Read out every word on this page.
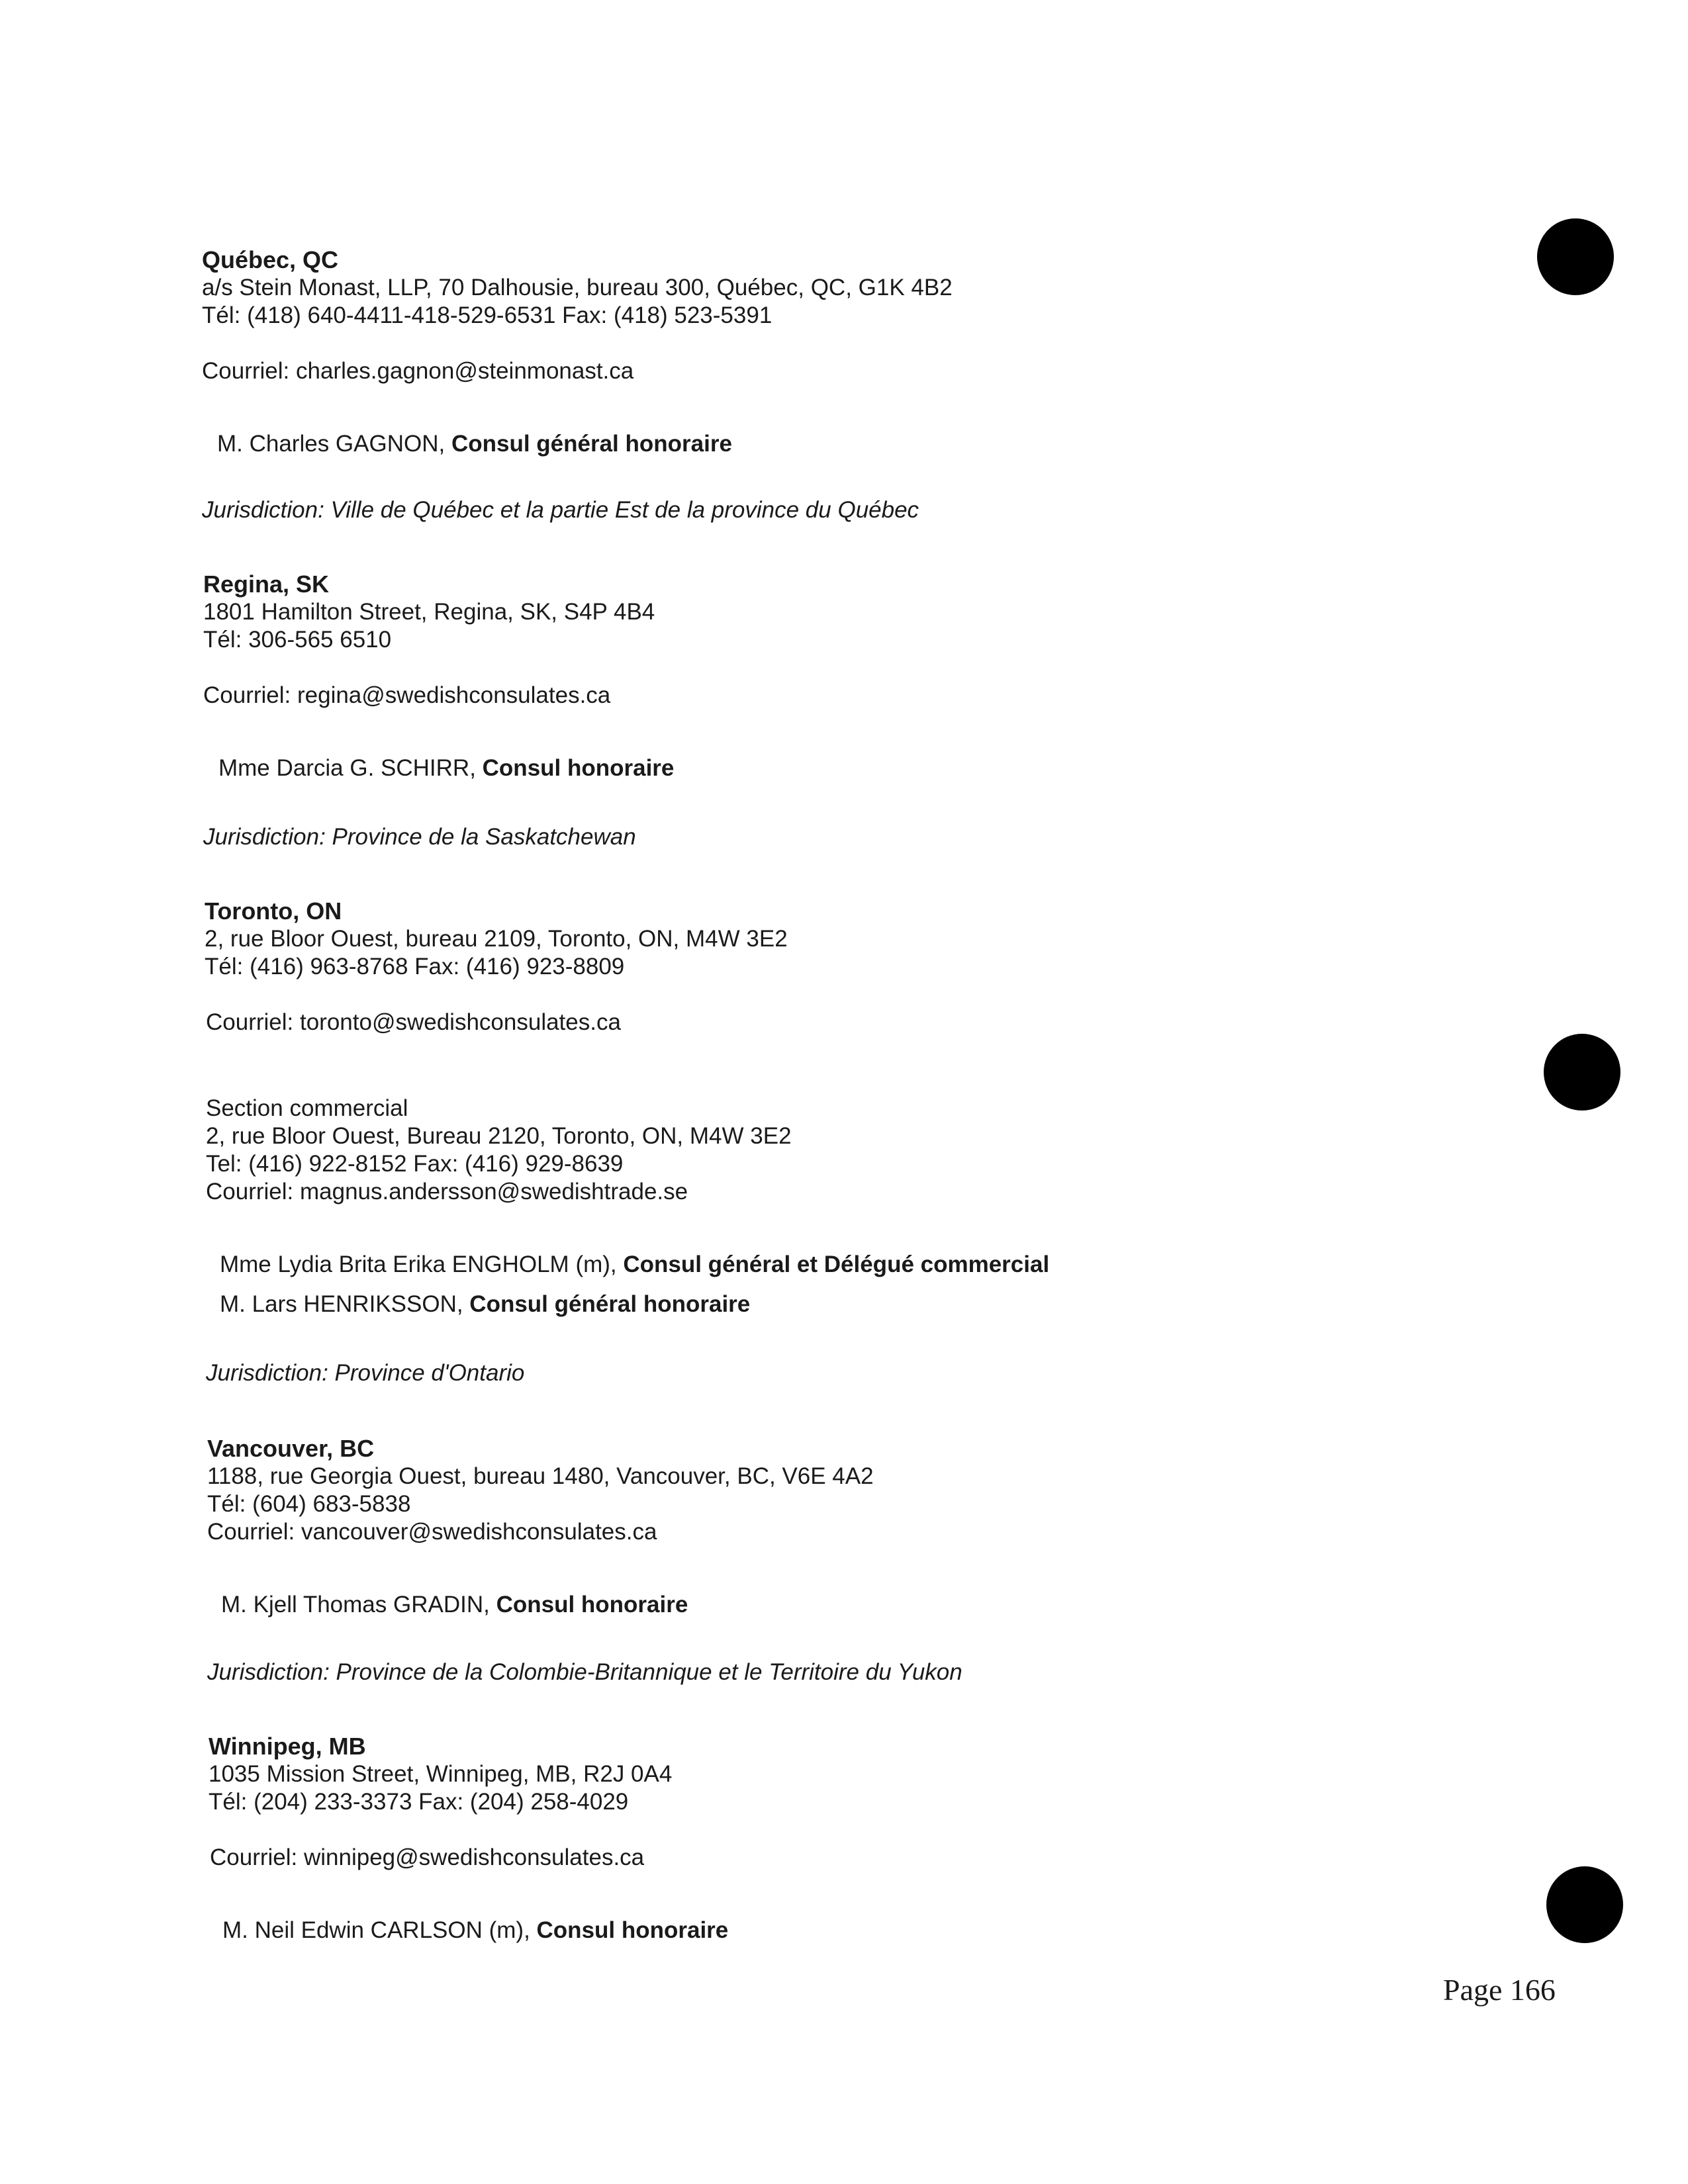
Québec, QC
a/s Stein Monast, LLP, 70 Dalhousie, bureau 300, Québec, QC, G1K 4B2
Tél: (418) 640-4411-418-529-6531 Fax: (418) 523-5391
Courriel: charles.gagnon@steinmonast.ca
M. Charles GAGNON, Consul général honoraire
Jurisdiction: Ville de Québec et la partie Est de la province du Québec
Regina, SK
1801 Hamilton Street, Regina, SK, S4P 4B4
Tél: 306-565 6510
Courriel: regina@swedishconsulates.ca
Mme Darcia G. SCHIRR, Consul honoraire
Jurisdiction: Province de la Saskatchewan
Toronto, ON
2, rue Bloor Ouest, bureau 2109, Toronto, ON, M4W 3E2
Tél: (416) 963-8768 Fax: (416) 923-8809
Courriel: toronto@swedishconsulates.ca
Section commercial
2, rue Bloor Ouest, Bureau 2120, Toronto, ON, M4W 3E2
Tel: (416) 922-8152 Fax: (416) 929-8639
Courriel: magnus.andersson@swedishtrade.se
Mme Lydia Brita Erika ENGHOLM (m), Consul général et Délégué commercial
M. Lars HENRIKSSON, Consul général honoraire
Jurisdiction: Province d'Ontario
Vancouver, BC
1188, rue Georgia Ouest, bureau 1480, Vancouver, BC, V6E 4A2
Tél: (604) 683-5838
Courriel: vancouver@swedishconsulates.ca
M. Kjell Thomas GRADIN, Consul honoraire
Jurisdiction: Province de la Colombie-Britannique et le Territoire du Yukon
Winnipeg, MB
1035 Mission Street, Winnipeg, MB, R2J 0A4
Tél: (204) 233-3373 Fax: (204) 258-4029
Courriel: winnipeg@swedishconsulates.ca
M. Neil Edwin CARLSON (m), Consul honoraire
Page 166
